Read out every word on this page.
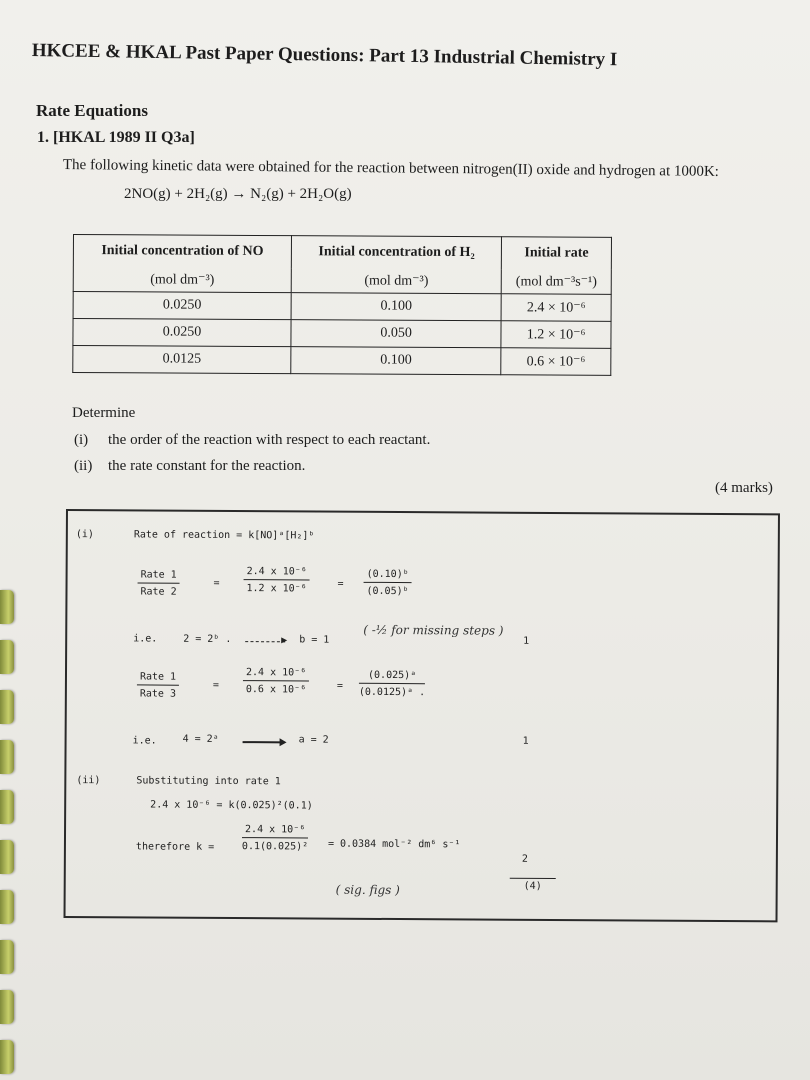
HKCEE & HKAL Past Paper Questions: Part 13 Industrial Chemistry I
Rate Equations
1. [HKAL 1989 II Q3a]
The following kinetic data were obtained for the reaction between nitrogen(II) oxide and hydrogen at 1000K:
2NO(g) + 2H₂(g) → N₂(g) + 2H₂O(g)
Initial concentration of NO	Initial concentration of H₂	Initial rate
(mol dm⁻³)	(mol dm⁻³)	(mol dm⁻³s⁻¹)
0.0250	0.100	2.4 × 10⁻⁶
0.0250	0.050	1.2 × 10⁻⁶
0.0125	0.100	0.6 × 10⁻⁶
Determine
(i) the order of the reaction with respect to each reactant.
(ii) the rate constant for the reaction.
(4 marks)
(i)	Rate of reaction = k[NO]ᵃ[H₂]ᵇ
Rate 1
Rate 2
= $\frac{\text{2.4 x 10⁻⁶}}{\text{1.2 x 10⁻⁶}}$	= $\frac{\text{(0.10)ᵇ}}{\text{(0.05)ᵇ}}$
i.e.	2 = 2ᵇ .	b = 1
( -½ for missing steps )
1
Rate 1
Rate 3
= $\frac{\text{2.4 x 10⁻⁶}}{\text{0.6 x 10⁻⁶}}$	= $\frac{\text{(0.025)ᵃ}}{\text{(0.0125)ᵃ .}}$
i.e.	4 = 2ᵃ	a = 2	1
(ii)	Substituting into rate 1
2.4 x 10⁻⁶ = k(0.025)²(0.1)
therefore k =	$\frac{\text{2.4 x 10⁻⁶}}{\text{0.1(0.025)²}} = 0.0384$ mol⁻² dm⁶ s⁻¹
( sig. figs )
2
(4)
